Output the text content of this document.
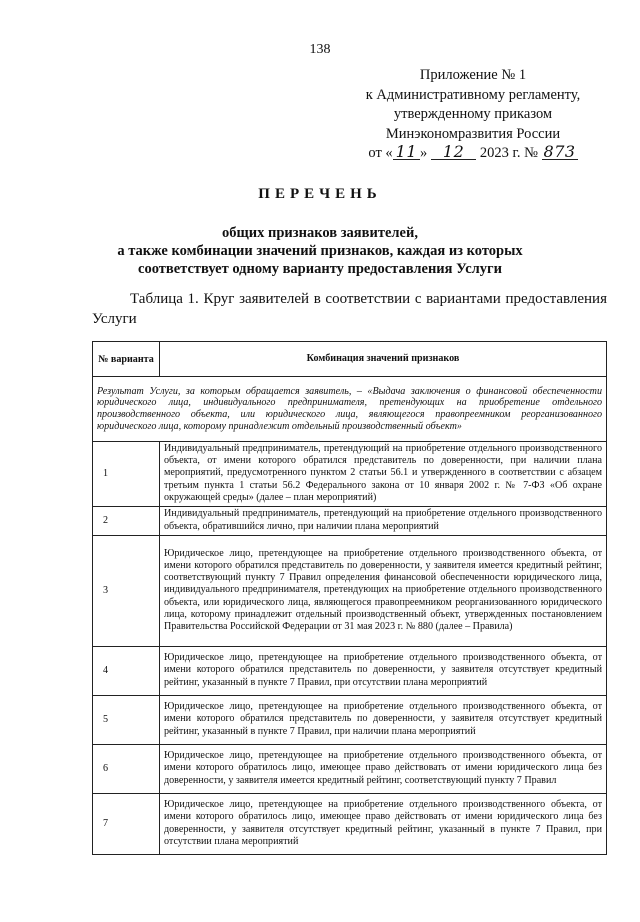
138
Приложение № 1
к Административному регламенту,
утвержденному приказом
Минэкономразвития России
от « 11 » 12 2023 г. № 873
ПЕРЕЧЕНЬ
общих признаков заявителей,
а также комбинации значений признаков, каждая из которых
соответствует одному варианту предоставления Услуги
Таблица 1. Круг заявителей в соответствии с вариантами предоставления Услуги
№ варианта	Комбинация значений признаков
Результат Услуги, за которым обращается заявитель, – «Выдача заключения о финансовой обеспеченности юридического лица, индивидуального предпринимателя, претендующих на приобретение отдельного производственного объекта, или юридического лица, являющегося правопреемником реорганизованного юридического лица, которому принадлежит отдельный производственный объект»	
1	Индивидуальный предприниматель, претендующий на приобретение отдельного производственного объекта, от имени которого обратился представитель по доверенности, при наличии плана мероприятий, предусмотренного пунктом 2 статьи 56.1 и утвержденного в соответствии с абзацем третьим пункта 1 статьи 56.2 Федерального закона от 10 января 2002 г. № 7-ФЗ «Об охране окружающей среды» (далее – план мероприятий)
2	Индивидуальный предприниматель, претендующий на приобретение отдельного производственного объекта, обратившийся лично, при наличии плана мероприятий
3	Юридическое лицо, претендующее на приобретение отдельного производственного объекта, от имени которого обратился представитель по доверенности, у заявителя имеется кредитный рейтинг, соответствующий пункту 7 Правил определения финансовой обеспеченности юридического лица, индивидуального предпринимателя, претендующих на приобретение отдельного производственного объекта, или юридического лица, являющегося правопреемником реорганизованного юридического лица, которому принадлежит отдельный производственный объект, утвержденных постановлением Правительства Российской Федерации от 31 мая 2023 г. № 880 (далее – Правила)
4	Юридическое лицо, претендующее на приобретение отдельного производственного объекта, от имени которого обратился представитель по доверенности, у заявителя отсутствует кредитный рейтинг, указанный в пункте 7 Правил, при отсутствии плана мероприятий
5	Юридическое лицо, претендующее на приобретение отдельного производственного объекта, от имени которого обратился представитель по доверенности, у заявителя отсутствует кредитный рейтинг, указанный в пункте 7 Правил, при наличии плана мероприятий
6	Юридическое лицо, претендующее на приобретение отдельного производственного объекта, от имени которого обратилось лицо, имеющее право действовать от имени юридического лица без доверенности, у заявителя имеется кредитный рейтинг, соответствующий пункту 7 Правил
7	Юридическое лицо, претендующее на приобретение отдельного производственного объекта, от имени которого обратилось лицо, имеющее право действовать от имени юридического лица без доверенности, у заявителя отсутствует кредитный рейтинг, указанный в пункте 7 Правил, при отсутствии плана мероприятий
